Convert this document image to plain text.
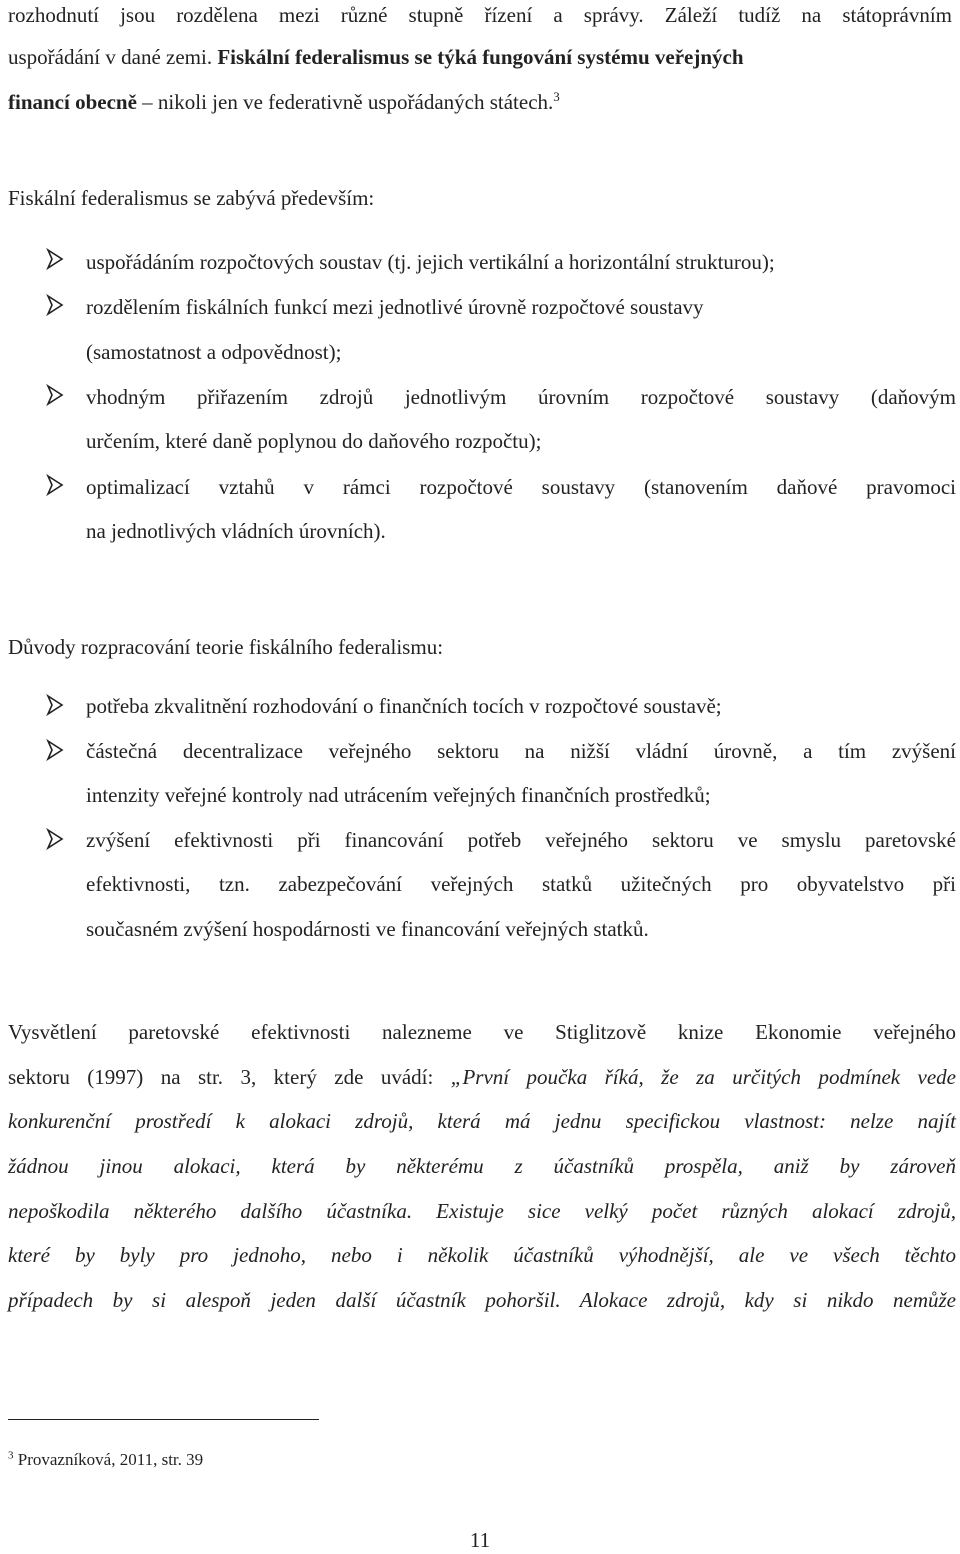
rozhodnutí jsou rozdělena mezi různé stupně řízení a správy. Záleží tudíž na státoprávním
uspořádání v dané zemi. Fiskální federalismus se týká fungování systému veřejných
financí obecně – nikoli jen ve federativně uspořádaných státech.$^3$
Fiskální federalismus se zabývá především:
uspořádáním rozpočtových soustav (tj. jejich vertikální a horizontální strukturou);
rozdělením fiskálních funkcí mezi jednotlivé úrovně rozpočtové soustavy
(samostatnost a odpovědnost);
vhodným přiřazením zdrojů jednotlivým úrovním rozpočtové soustavy (daňovým
určením, které daně poplynou do daňového rozpočtu);
optimalizací vztahů v rámci rozpočtové soustavy (stanovením daňové pravomoci
na jednotlivých vládních úrovních).
Důvody rozpracování teorie fiskálního federalismu:
potřeba zkvalitnění rozhodování o finančních tocích v rozpočtové soustavě;
částečná decentralizace veřejného sektoru na nižší vládní úrovně, a tím zvýšení
intenzity veřejné kontroly nad utrácením veřejných finančních prostředků;
zvýšení efektivnosti při financování potřeb veřejného sektoru ve smyslu paretovské
efektivnosti, tzn. zabezpečování veřejných statků užitečných pro obyvatelstvo při
současném zvýšení hospodárnosti ve financování veřejných statků.
Vysvětlení paretovské efektivnosti nalezneme ve Stiglitzově knize Ekonomie veřejného
sektoru (1997) na str. 3, který zde uvádí: „První poučka říká, že za určitých podmínek vede
konkurenční prostředí k alokaci zdrojů, která má jednu specifickou vlastnost: nelze najít
žádnou jinou alokaci, která by některému z účastníků prospěla, aniž by zároveň
nepoškodila některého dalšího účastníka. Existuje sice velký počet různých alokací zdrojů,
které by byly pro jednoho, nebo i několik účastníků výhodnější, ale ve všech těchto
případech by si alespoň jeden další účastník pohoršil. Alokace zdrojů, kdy si nikdo nemůže
$^3$ Provazníková, 2011, str. 39
11
